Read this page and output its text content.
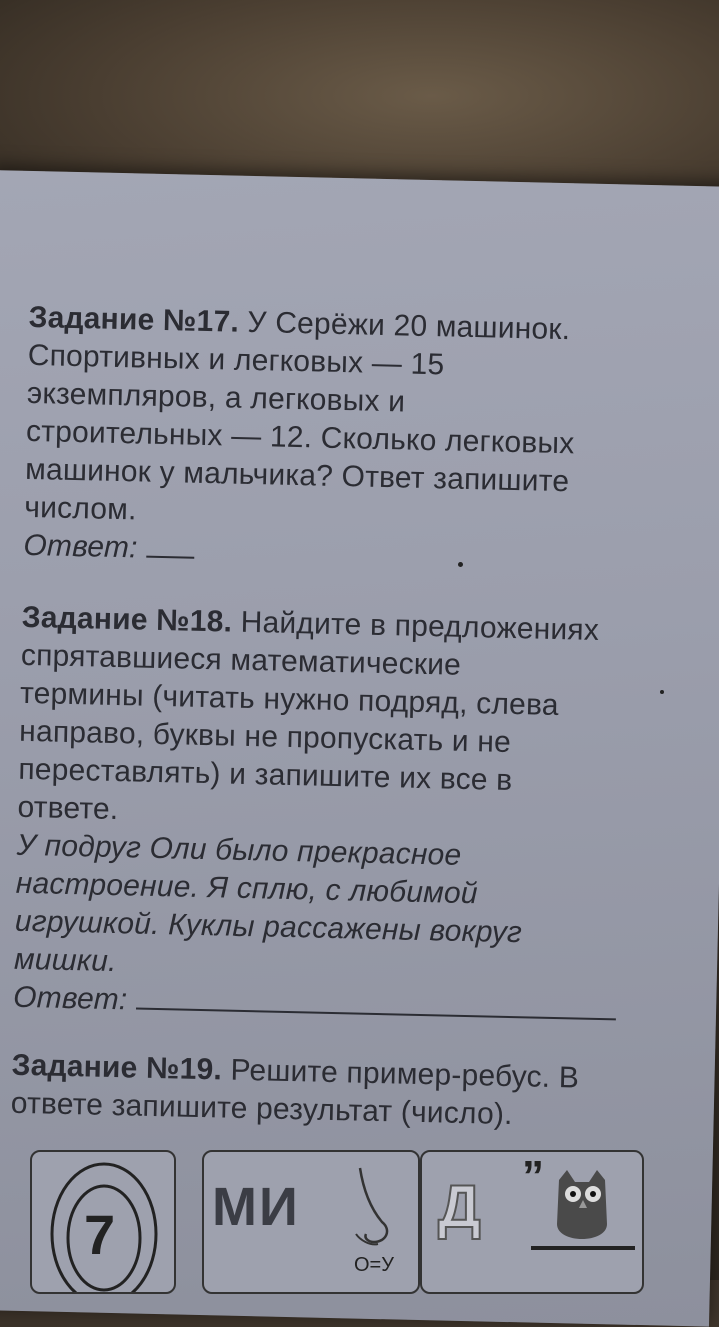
Задание №17. У Серёжи 20 машинок.

Спортивных и легковых — 15

экземпляров, а легковых и

строительных — 12. Сколько легковых

машинок у мальчика? Ответ запишите

числом.

Ответ:

Задание №18. Найдите в предложениях

спрятавшиеся математические

термины (читать нужно подряд, слева

направо, буквы не пропускать и не

переставлять) и запишите их все в

ответе.

У подруг Оли было прекрасное

настроение. Я сплю, с любимой

игрушкой. Куклы рассажены вокруг

мишки.

Ответ:

Задание №19. Решите пример-ребус. В

ответе запишите результат (число).

7 МИ
О=У
Д ”
